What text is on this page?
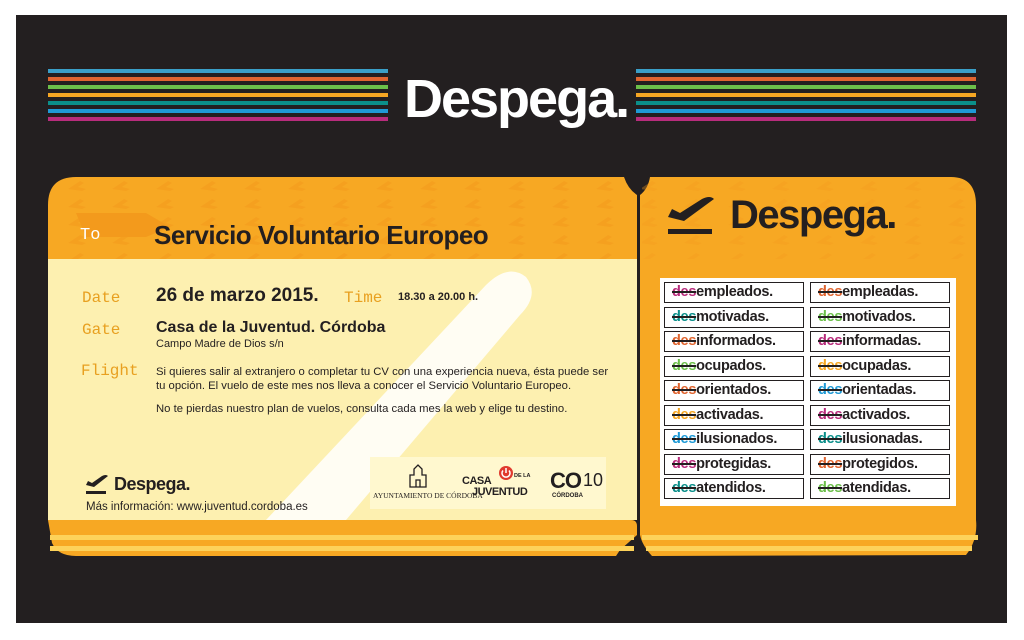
Despega.

To Servicio Voluntario Europeo

Date 26 de marzo 2015. Time 18.30 a 20.00 h.

Gate Casa de la Juventud. Córdoba

Campo Madre de Dios s/n

Flight Si quieres salir al extranjero o completar tu CV con una experiencia nueva, ésta puede ser tu opción. El vuelo de este mes nos lleva a conocer el Servicio Voluntario Europeo.

No te pierdas nuestro plan de vuelos, consulta cada mes la web y elige tu destino.

Despega.

Más información: www.juventud.cordoba.es

AYUNTAMIENTO DE CÓRDOBA
CASA	DE LA
JUVENTUD CO 10
CÓRDOBA
Despega.
desempleados.	desempleadas.
desmotivadas.	desmotivados.
desinformados.	desinformadas.
desocupados.	desocupadas.
desorientados.	desorientadas.
desactivadas.	desactivados.
desilusionados.	desilusionadas.
desprotegidas.	desprotegidos.
desatendidos.	desatendidas.
